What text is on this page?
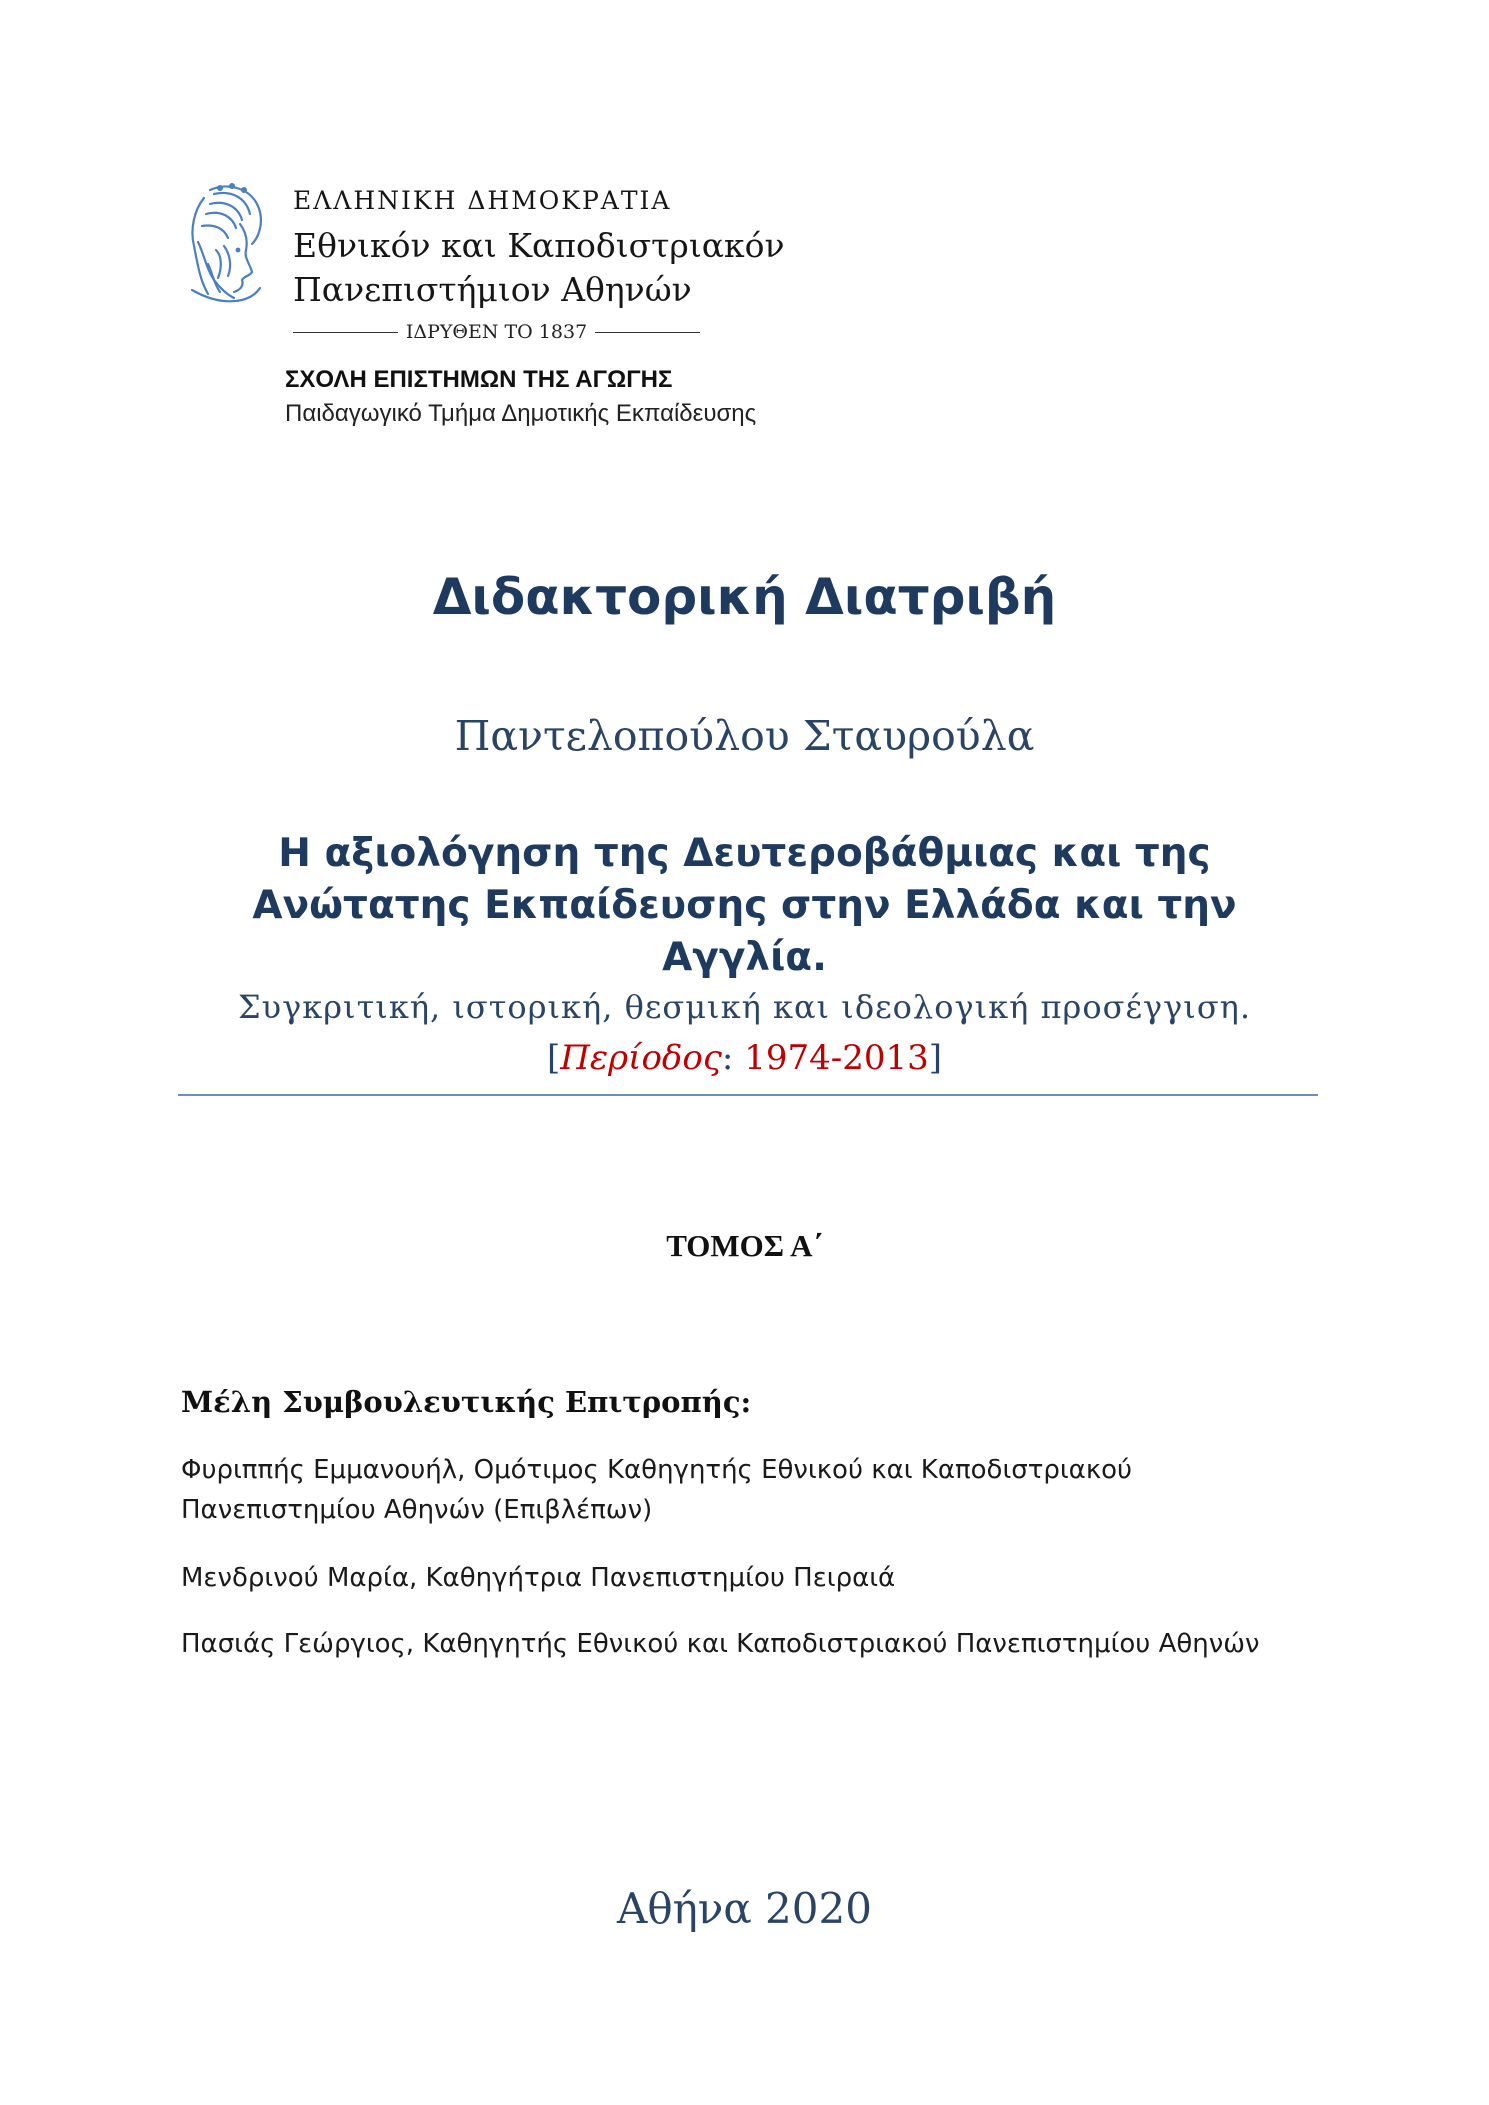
ΕΛΛΗΝΙΚΗ ΔΗΜΟΚΡΑΤΙΑ
Εθνικόν και Καποδιστριακόν
Πανεπιστήμιον Αθηνών
ΙΔΡΥΘΕΝ ΤΟ 1837
ΣΧΟΛΗ ΕΠΙΣΤΗΜΩΝ ΤΗΣ ΑΓΩΓΗΣ
Παιδαγωγικό Τμήμα Δημοτικής Εκπαίδευσης
Διδακτορική Διατριβή
Παντελοπούλου Σταυρούλα
Η αξιολόγηση της Δευτεροβάθμιας και της
Ανώτατης Εκπαίδευσης στην Ελλάδα και την
Αγγλία.
Συγκριτική, ιστορική, θεσμική και ιδεολογική προσέγγιση.
[Περίοδος: 1974-2013]
ΤΟΜΟΣ Α΄
Μέλη Συμβουλευτικής Επιτροπής:
Φυριππής Εμμανουήλ, Ομότιμος Καθηγητής Εθνικού και Καποδιστριακού
Πανεπιστημίου Αθηνών (Επιβλέπων)
Μενδρινού Μαρία, Καθηγήτρια Πανεπιστημίου Πειραιά
Πασιάς Γεώργιος, Καθηγητής Εθνικού και Καποδιστριακού Πανεπιστημίου Αθηνών
Αθήνα 2020
